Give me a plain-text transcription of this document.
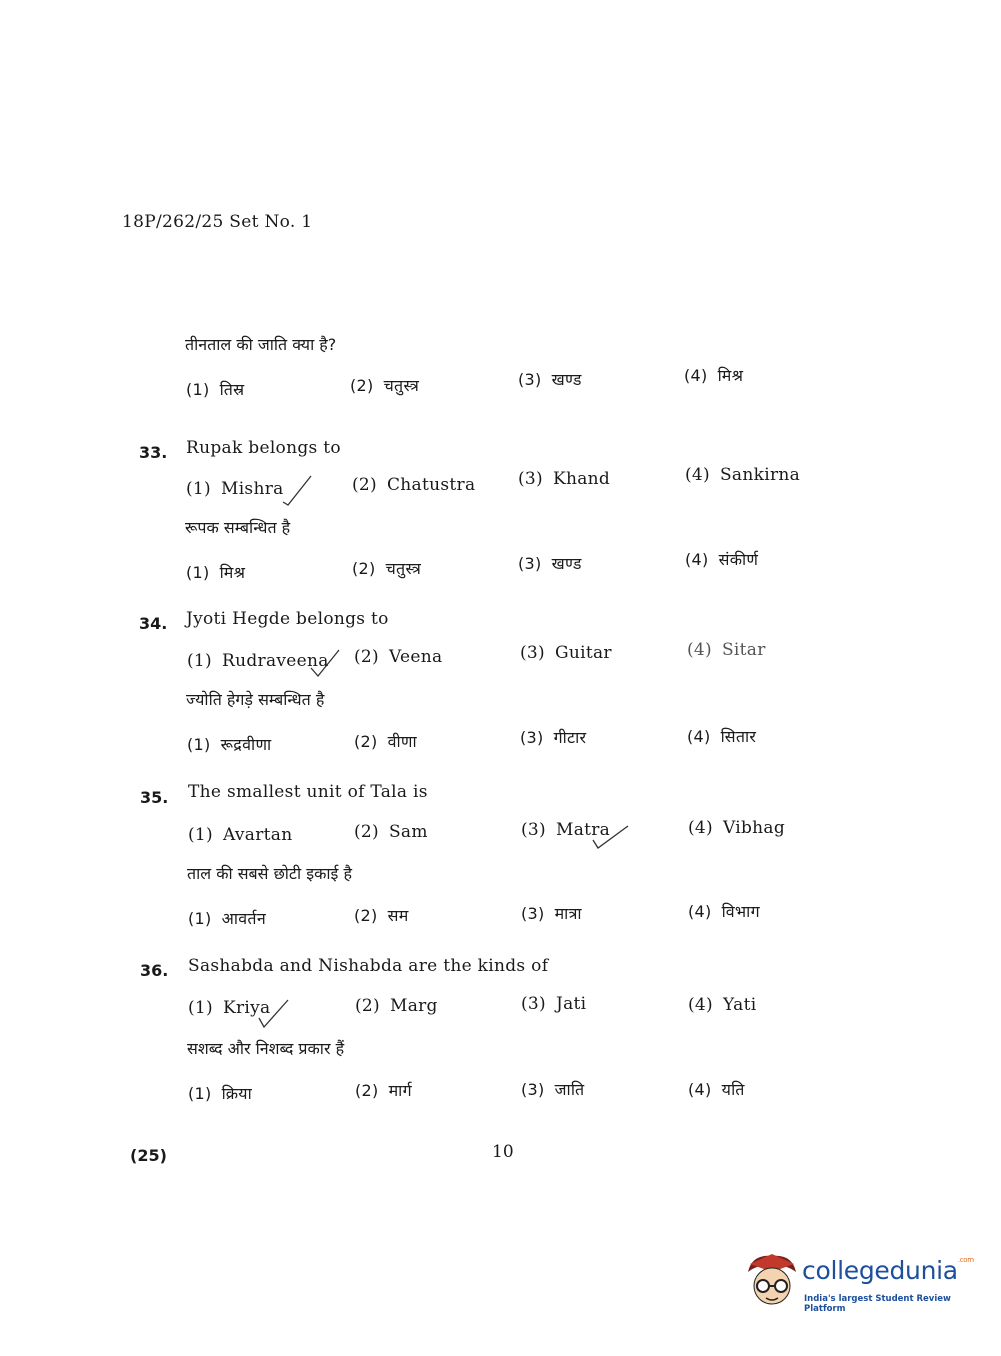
18P/262/25 Set No. 1
तीनताल की जाति क्या है?
(1) तिस्र	(2) चतुस्त्र	(3) खण्ड	(4) मिश्र
33. Rupak belongs to
(1) Mishra	(2) Chatustra	(3) Khand	(4) Sankirna
रूपक सम्बन्धित है
(1) मिश्र	(2) चतुस्त्र	(3) खण्ड	(4) संकीर्ण
34. Jyoti Hegde belongs to
(1) Rudraveena (2) Veena	(3) Guitar	(4) Sitar
ज्योति हेगड़े सम्बन्धित है
(1) रूद्रवीणा	(2) वीणा	(3) गीटार	(4) सितार
35. The smallest unit of Tala is
(1) Avartan	(2) Sam	(3) Matra	(4) Vibhag
ताल की सबसे छोटी इकाई है
(1) आवर्तन	(2) सम	(3) मात्रा	(4) विभाग
36. Sashabda and Nishabda are the kinds of
(1) Kriya	(2) Marg	(3) Jati	(4) Yati
सशब्द और निशब्द प्रकार हैं
(1) क्रिया	(2) मार्ग	(3) जाति	(4) यति
(25)	10
collegedunia$^{.com}$
India's largest Student Review Platform
